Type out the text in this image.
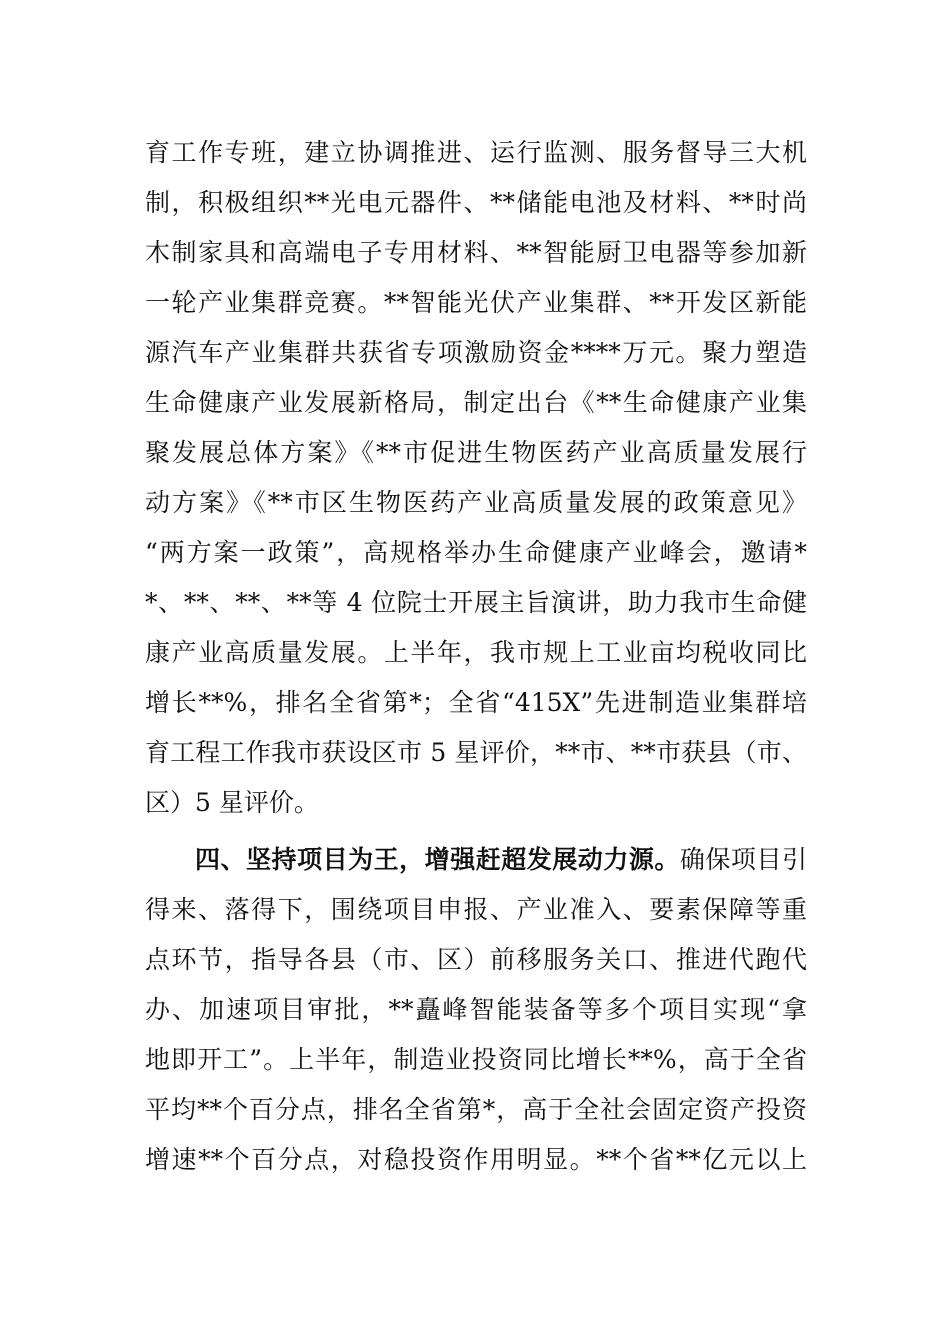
育工作专班，建立协调推进、运行监测、服务督导三大机
制，积极组织**光电元器件、**储能电池及材料、**时尚
木制家具和高端电子专用材料、**智能厨卫电器等参加新
一轮产业集群竞赛。**智能光伏产业集群、**开发区新能
源汽车产业集群共获省专项激励资金****万元。聚力塑造
生命健康产业发展新格局，制定出台《**生命健康产业集
聚发展总体方案》《**市促进生物医药产业高质量发展行
动方案》《**市区生物医药产业高质量发展的政策意见》
“两方案一政策”，高规格举办生命健康产业峰会，邀请*
*、**、**、**等 4 位院士开展主旨演讲，助力我市生命健
康产业高质量发展。上半年，我市规上工业亩均税收同比
增长**%，排名全省第*；全省“415X”先进制造业集群培
育工程工作我市获设区市 5 星评价，**市、**市获县（市、
区）5 星评价。
四、坚持项目为王，增强赶超发展动力源。确保项目引
得来、落得下，围绕项目申报、产业准入、要素保障等重
点环节，指导各县（市、区）前移服务关口、推进代跑代
办、加速项目审批，**矗峰智能装备等多个项目实现“拿
地即开工”。上半年，制造业投资同比增长**%，高于全省
平均**个百分点，排名全省第*，高于全社会固定资产投资
增速**个百分点，对稳投资作用明显。**个省**亿元以上
